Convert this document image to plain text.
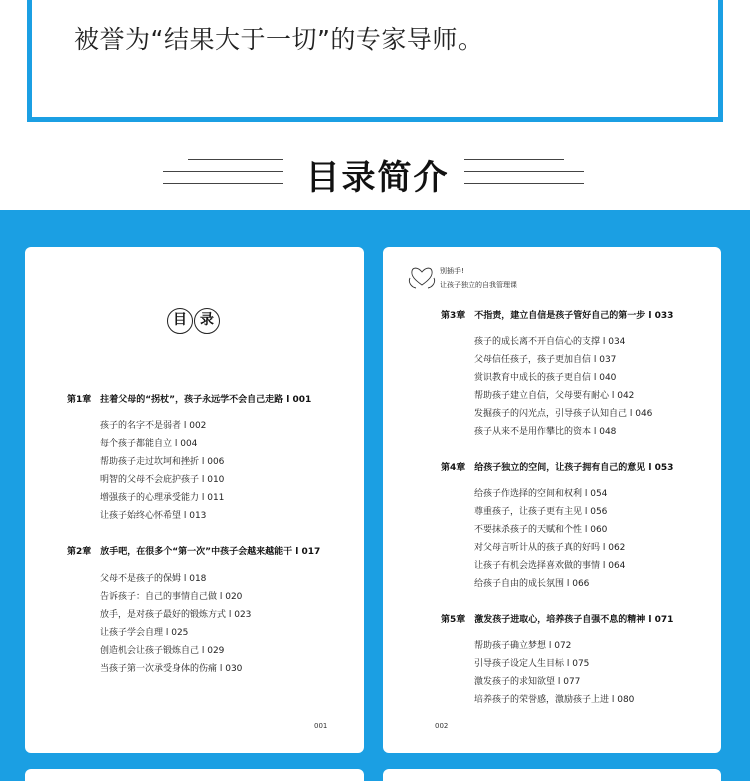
被誉为“结果大于一切”的专家导师。
目录简介
目 录
第1章 拄着父母的“拐杖”，孩子永远学不会自己走路 l 001
孩子的名字不是弱者 l 002
每个孩子都能自立 l 004
帮助孩子走过坎坷和挫折 l 006
明智的父母不会庇护孩子 l 010
增强孩子的心理承受能力 l 011
让孩子始终心怀希望 l 013
第2章 放手吧，在很多个“第一次”中孩子会越来越能干 l 017
父母不是孩子的保姆 l 018
告诉孩子：自己的事情自己做 l 020
放手，是对孩子最好的锻炼方式 l 023
让孩子学会自理 l 025
创造机会让孩子锻炼自己 l 029
当孩子第一次承受身体的伤痛 l 030
001
别插手!
让孩子独立的自我管理课
第3章 不指责，建立自信是孩子管好自己的第一步 l 033
孩子的成长离不开自信心的支撑 l 034
父母信任孩子，孩子更加自信 l 037
赏识教育中成长的孩子更自信 l 040
帮助孩子建立自信，父母要有耐心 l 042
发掘孩子的闪光点，引导孩子认知自己 l 046
孩子从来不是用作攀比的资本 l 048
第4章 给孩子独立的空间，让孩子拥有自己的意见 l 053
给孩子作选择的空间和权利 l 054
尊重孩子，让孩子更有主见 l 056
不要抹杀孩子的天赋和个性 l 060
对父母言听计从的孩子真的好吗 l 062
让孩子有机会选择喜欢做的事情 l 064
给孩子自由的成长氛围 l 066
第5章 激发孩子进取心，培养孩子自强不息的精神 l 071
帮助孩子确立梦想 l 072
引导孩子设定人生目标 l 075
激发孩子的求知欲望 l 077
培养孩子的荣誉感，激励孩子上进 l 080
002
